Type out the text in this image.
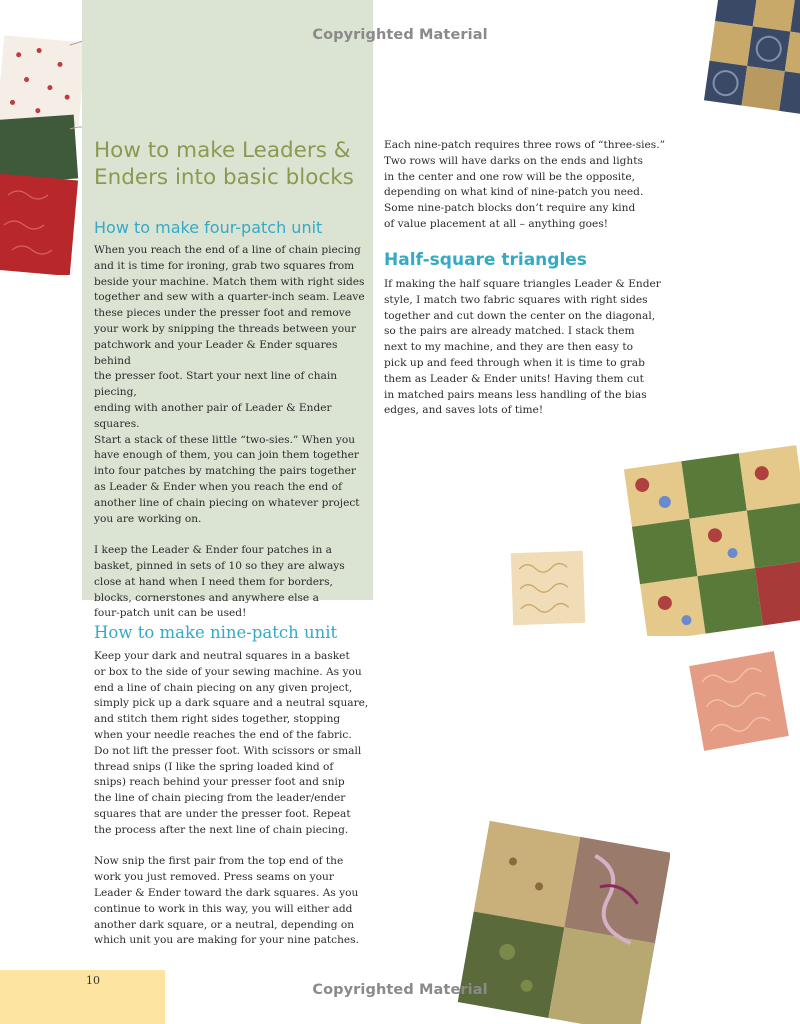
How to make Leaders & Enders into basic blocks
How to make four-patch unit
When you reach the end of a line of chain piecing
and it is time for ironing, grab two squares from
beside your machine. Match them with right sides
together and sew with a quarter-inch seam. Leave
these pieces under the presser foot and remove
your work by snipping the threads between your
patchwork and your Leader & Ender squares behind
the presser foot. Start your next line of chain piecing,
ending with another pair of Leader & Ender squares.
Start a stack of these little “two-sies.” When you
have enough of them, you can join them together
into four patches by matching the pairs together
as Leader & Ender when you reach the end of
another line of chain piecing on whatever project
you are working on.
I keep the Leader & Ender four patches in a
basket, pinned in sets of 10 so they are always
close at hand when I need them for borders,
blocks, cornerstones and anywhere else a
four-patch unit can be used!
How to make nine-patch unit
Keep your dark and neutral squares in a basket
or box to the side of your sewing machine. As you
end a line of chain piecing on any given project,
simply pick up a dark square and a neutral square,
and stitch them right sides together, stopping
when your needle reaches the end of the fabric.
Do not lift the presser foot. With scissors or small
thread snips (I like the spring loaded kind of
snips) reach behind your presser foot and snip
the line of chain piecing from the leader/ender
squares that are under the presser foot. Repeat
the process after the next line of chain piecing.
Now snip the first pair from the top end of the
work you just removed. Press seams on your
Leader & Ender toward the dark squares. As you
continue to work in this way, you will either add
another dark square, or a neutral, depending on
which unit you are making for your nine patches.
Each nine-patch requires three rows of “three-sies.”
Two rows will have darks on the ends and lights
in the center and one row will be the opposite,
depending on what kind of nine-patch you need.
Some nine-patch blocks don’t require any kind
of value placement at all – anything goes!
Half-square triangles
If making the half square triangles Leader & Ender
style, I match two fabric squares with right sides
together and cut down the center on the diagonal,
so the pairs are already matched. I stack them
next to my machine, and they are then easy to
pick up and feed through when it is time to grab
them as Leader & Ender units! Having them cut
in matched pairs means less handling of the bias
edges, and saves lots of time!
Copyrighted Material
Copyrighted Material
10
